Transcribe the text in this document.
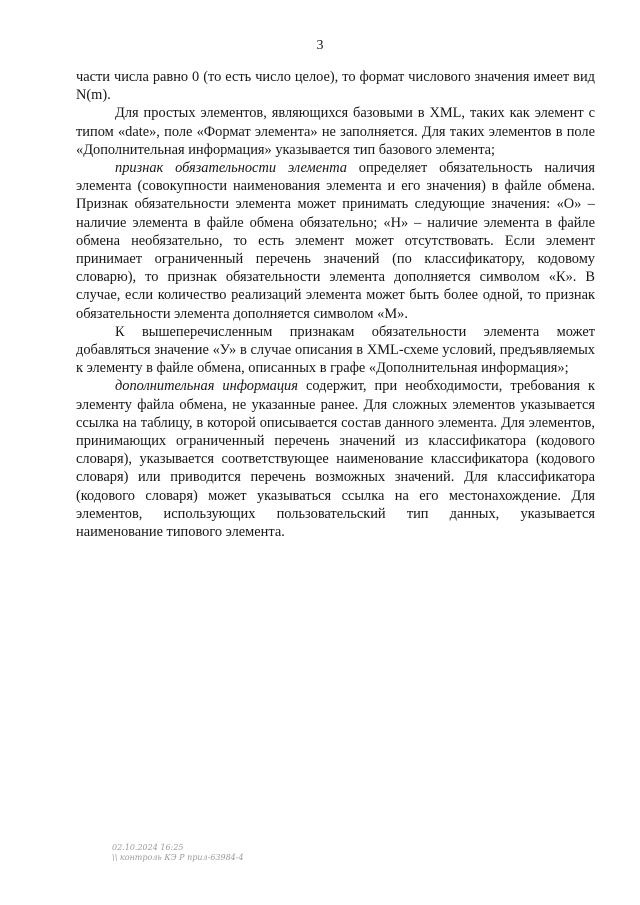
3

части числа равно 0 (то есть число целое), то формат числового значения имеет вид N(m).

Для простых элементов, являющихся базовыми в XML, таких как элемент с типом «date», поле «Формат элемента» не заполняется. Для таких элементов в поле «Дополнительная информация» указывается тип базового элемента;

признак обязательности элемента определяет обязательность наличия элемента (совокупности наименования элемента и его значения) в файле обмена. Признак обязательности элемента может принимать следующие значения: «О» – наличие элемента в файле обмена обязательно; «Н» – наличие элемента в файле обмена необязательно, то есть элемент может отсутствовать. Если элемент принимает ограниченный перечень значений (по классификатору, кодовому словарю), то признак обязательности элемента дополняется символом «К». В случае, если количество реализаций элемента может быть более одной, то признак обязательности элемента дополняется символом «М».

К вышеперечисленным признакам обязательности элемента может добавляться значение «У» в случае описания в XML-схеме условий, предъявляемых к элементу в файле обмена, описанных в графе «Дополнительная информация»;

дополнительная информация содержит, при необходимости, требования к элементу файла обмена, не указанные ранее. Для сложных элементов указывается ссылка на таблицу, в которой описывается состав данного элемента. Для элементов, принимающих ограниченный перечень значений из классификатора (кодового словаря), указывается соответствующее наименование классификатора (кодового словаря) или приводится перечень возможных значений. Для классификатора (кодового словаря) может указываться ссылка на его местонахождение. Для элементов, использующих пользовательский тип данных, указывается наименование типового элемента.

02.10.2024 16:25
\\ контроль КЭ Р прил-63984-4
